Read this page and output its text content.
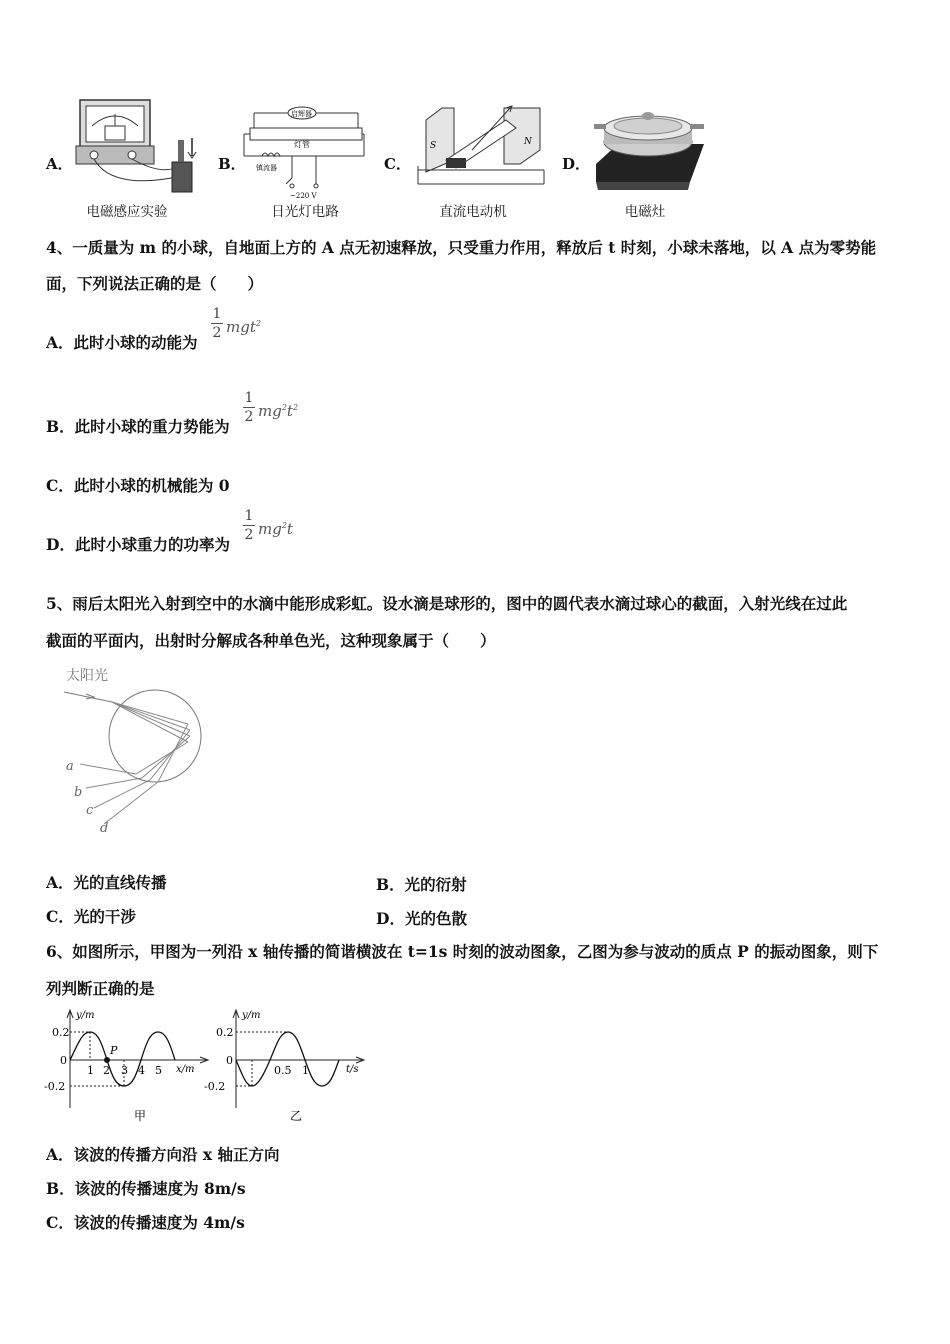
A．
电磁感应实验
B．
启辉器
灯管
镇流器
~220 V
日光灯电路
C．
S	N
直流电动机
D．
电磁灶
4、一质量为 m 的小球，自地面上方的 A 点无初速释放，只受重力作用，释放后 t 时刻，小球未落地，以 A 点为零势能
面，下列说法正确的是（　　）
A．此时小球的动能为
1
2 mgt$^2$
B．此时小球的重力势能为
1
2 $mg^2t^2$
C．此时小球的机械能为 0
D．此时小球重力的功率为
1
2 $mg^2t$
5、雨后太阳光入射到空中的水滴中能形成彩虹。设水滴是球形的，图中的圆代表水滴过球心的截面，入射光线在过此
截面的平面内，出射时分解成各种单色光，这种现象属于（　　）
太阳光
a
b
c
d
A．光的直线传播	B．光的衍射
C．光的干涉	D．光的色散
6、如图所示，甲图为一列沿 x 轴传播的简谐横波在 t=1s 时刻的波动图象，乙图为参与波动的质点 P 的振动图象，则下
列判断正确的是
y/m
x/m
0.2
0
-0.2
P
1 2 3 4 5
甲
y/m
t/s
0.2
0
-0.2
0.5 1
乙
A．该波的传播方向沿 x 轴正方向
B．该波的传播速度为 8m/s
C．该波的传播速度为 4m/s
